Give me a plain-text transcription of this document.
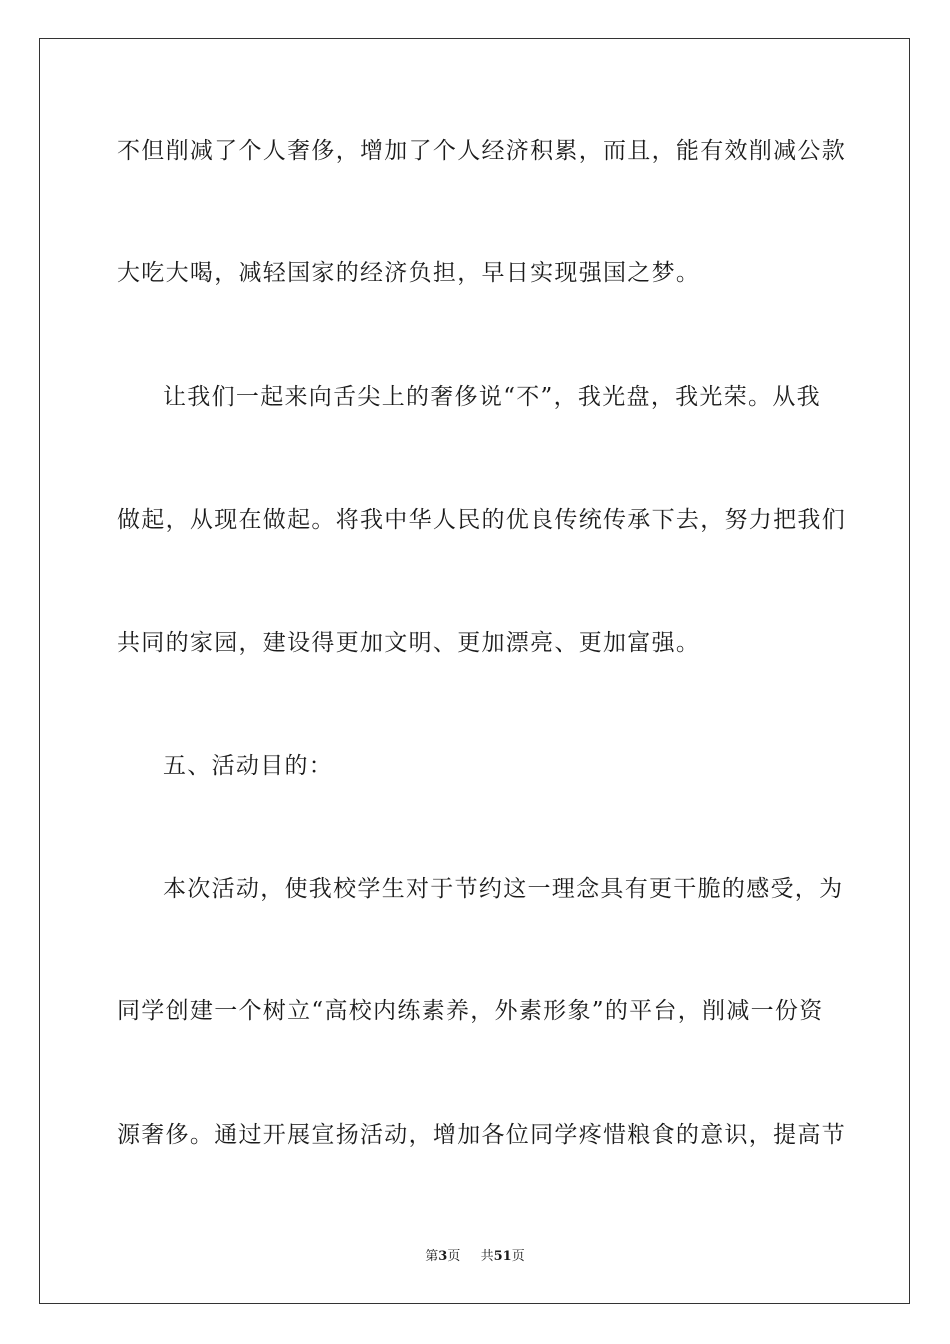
不但削减了个人奢侈，增加了个人经济积累，而且，能有效削减公款
大吃大喝，减轻国家的经济负担，早日实现强国之梦。
让我们一起来向舌尖上的奢侈说“不”，我光盘，我光荣。从我
做起，从现在做起。将我中华人民的优良传统传承下去，努力把我们
共同的家园，建设得更加文明、更加漂亮、更加富强。
五、活动目的：
本次活动，使我校学生对于节约这一理念具有更干脆的感受，为
同学创建一个树立“高校内练素养，外素形象”的平台，削减一份资
源奢侈。通过开展宣扬活动，增加各位同学疼惜粮食的意识，提高节
第3页 共51页
